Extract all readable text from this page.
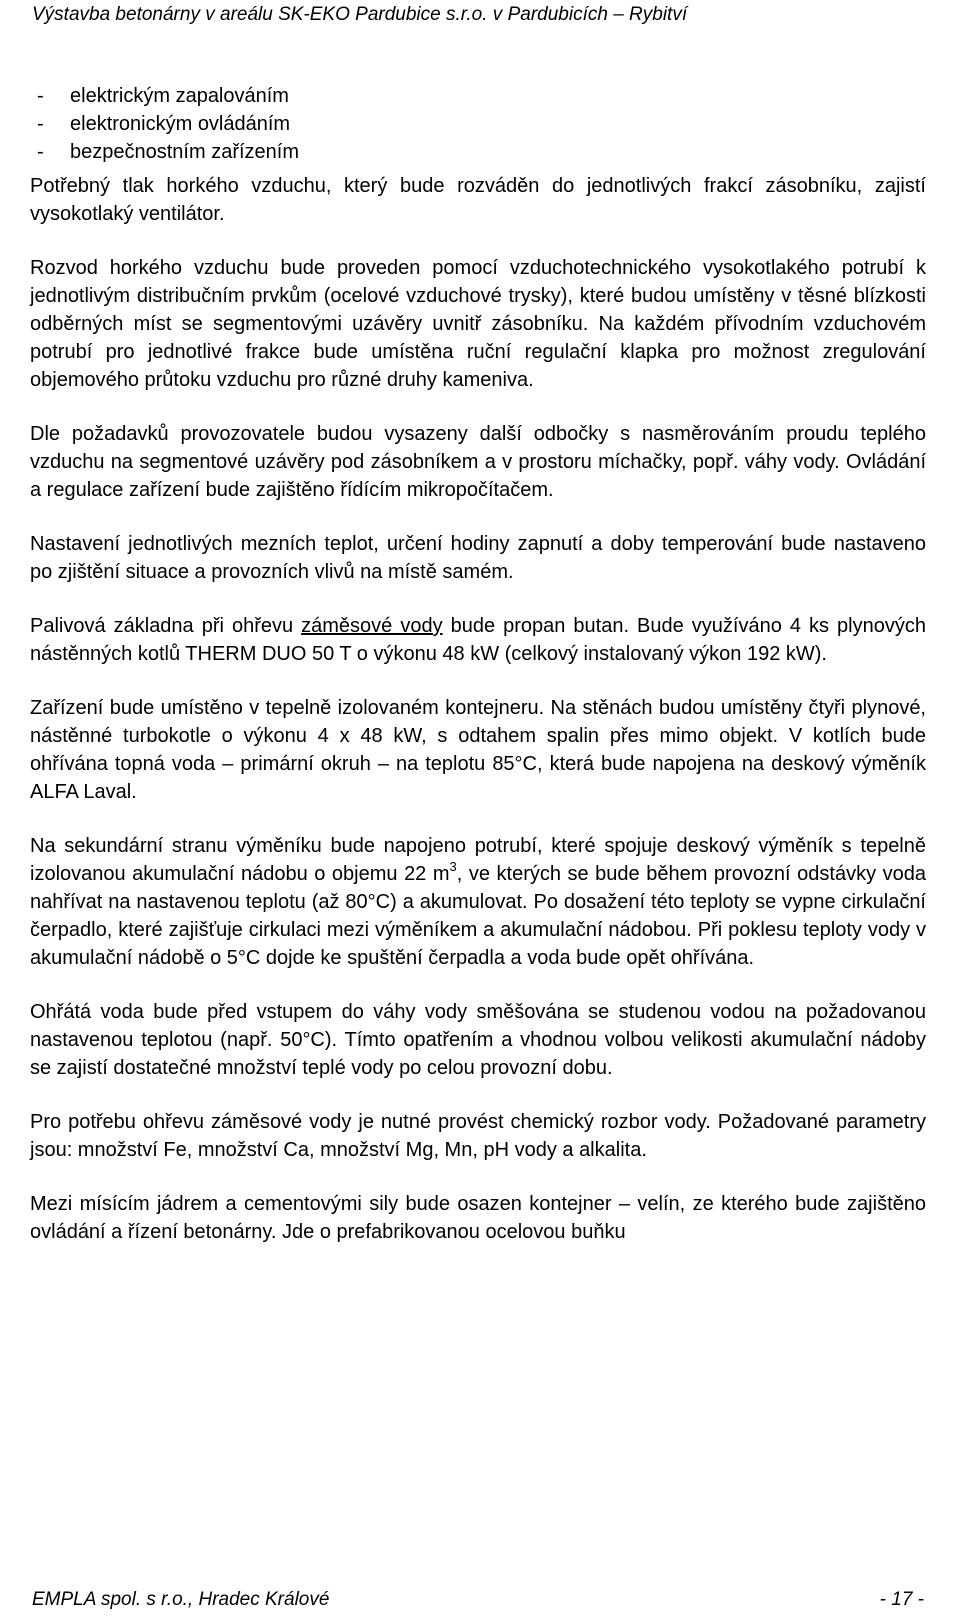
Výstavba betonárny v areálu SK-EKO Pardubice s.r.o. v Pardubicích – Rybitví
- elektrickým zapalováním
- elektronickým ovládáním
- bezpečnostním zařízením

Potřebný tlak horkého vzduchu, který bude rozváděn do jednotlivých frakcí zásobníku, zajistí vysokotlaký ventilátor.

Rozvod horkého vzduchu bude proveden pomocí vzduchotechnického vysokotlakého potrubí k jednotlivým distribučním prvkům (ocelové vzduchové trysky), které budou umístěny v těsné blízkosti odběrných míst se segmentovými uzávěry uvnitř zásobníku. Na každém přívodním vzduchovém potrubí pro jednotlivé frakce bude umístěna ruční regulační klapka pro možnost zregulování objemového průtoku vzduchu pro různé druhy kameniva.

Dle požadavků provozovatele budou vysazeny další odbočky s nasměrováním proudu teplého vzduchu na segmentové uzávěry pod zásobníkem a v prostoru míchačky, popř. váhy vody. Ovládání a regulace zařízení bude zajištěno řídícím mikropočítačem.

Nastavení jednotlivých mezních teplot, určení hodiny zapnutí a doby temperování bude nastaveno po zjištění situace a provozních vlivů na místě samém.

Palivová základna při ohřevu záměsové vody bude propan butan. Bude využíváno 4 ks plynových nástěnných kotlů THERM DUO 50 T o výkonu 48 kW (celkový instalovaný výkon 192 kW).

Zařízení bude umístěno v tepelně izolovaném kontejneru. Na stěnách budou umístěny čtyři plynové, nástěnné turbokotle o výkonu 4 x 48 kW, s odtahem spalin přes mimo objekt. V kotlích bude ohřívána topná voda – primární okruh – na teplotu 85°C, která bude napojena na deskový výměník ALFA Laval.

Na sekundární stranu výměníku bude napojeno potrubí, které spojuje deskový výměník s tepelně izolovanou akumulační nádobu o objemu 22 $m^3$, ve kterých se bude během provozní odstávky voda nahřívat na nastavenou teplotu (až 80°C) a akumulovat. Po dosažení této teploty se vypne cirkulační čerpadlo, které zajišťuje cirkulaci mezi výměníkem a akumulační nádobou. Při poklesu teploty vody v akumulační nádobě o 5°C dojde ke spuštění čerpadla a voda bude opět ohřívána.

Ohřátá voda bude před vstupem do váhy vody směšována se studenou vodou na požadovanou nastavenou teplotou (např. 50°C). Tímto opatřením a vhodnou volbou velikosti akumulační nádoby se zajistí dostatečné množství teplé vody po celou provozní dobu.

Pro potřebu ohřevu záměsové vody je nutné provést chemický rozbor vody. Požadované parametry jsou: množství Fe, množství Ca, množství Mg, Mn, pH vody a alkalita.

Mezi mísícím jádrem a cementovými sily bude osazen kontejner – velín, ze kterého bude zajištěno ovládání a řízení betonárny. Jde o prefabrikovanou ocelovou buňku

EMPLA spol. s r.o., Hradec Králové	- 17 -
